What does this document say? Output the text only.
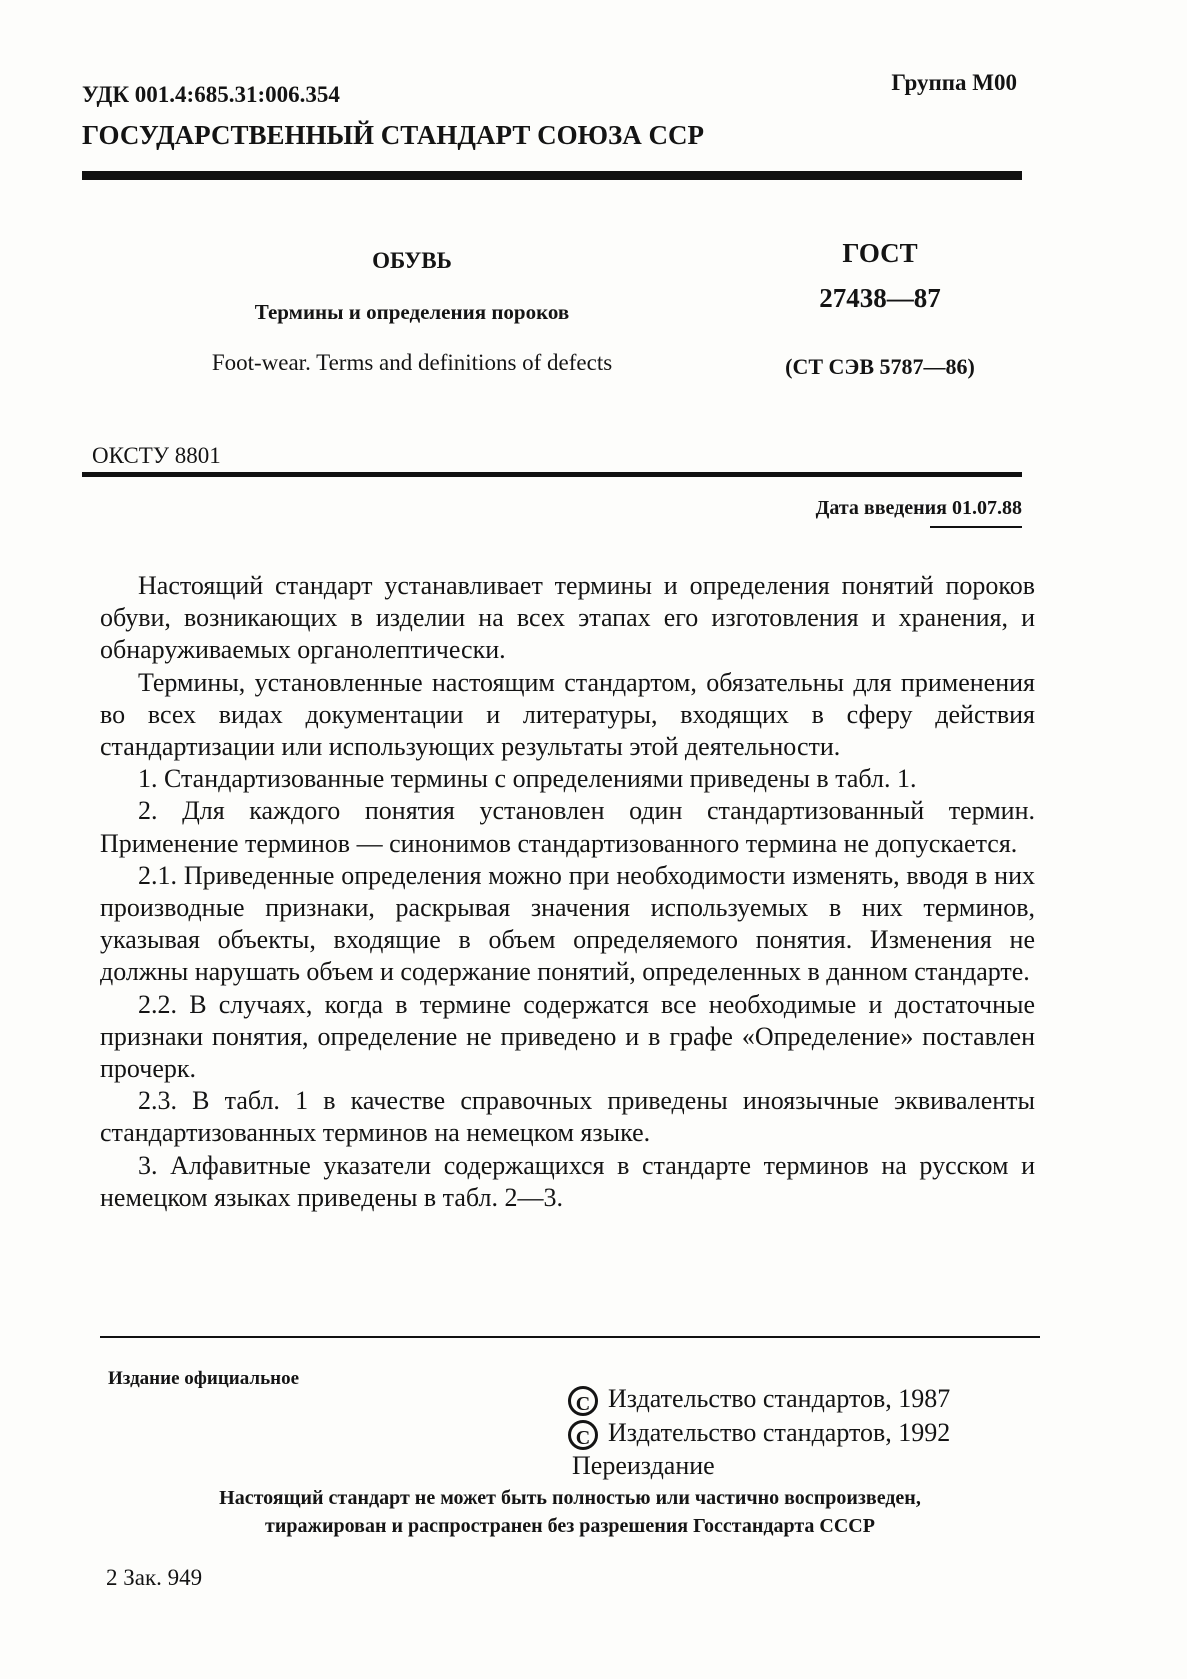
УДК 001.4:685.31:006.354	Группа М00
ГОСУДАРСТВЕННЫЙ СТАНДАРТ СОЮЗА ССР
ОБУВЬ
Термины и определения пороков
Foot-wear. Terms and definitions of defects
ГОСТ
27438—87
(СТ СЭВ 5787—86)
ОКСТУ 8801
Дата введения 01.07.88

Настоящий стандарт устанавливает термины и определения понятий пороков обуви, возникающих в изделии на всех этапах его изготовления и хранения, и обнаруживаемых органолептически.

Термины, установленные настоящим стандартом, обязательны для применения во всех видах документации и литературы, входящих в сферу действия стандартизации или использующих результаты этой деятельности.

1. Стандартизованные термины с определениями приведены в табл. 1.

2. Для каждого понятия установлен один стандартизованный термин. Применение терминов — синонимов стандартизованного термина не допускается.

2.1. Приведенные определения можно при необходимости изменять, вводя в них производные признаки, раскрывая значения используемых в них терминов, указывая объекты, входящие в объем определяемого понятия. Изменения не должны нарушать объем и содержание понятий, определенных в данном стандарте.

2.2. В случаях, когда в термине содержатся все необходимые и достаточные признаки понятия, определение не приведено и в графе «Определение» поставлен прочерк.

2.3. В табл. 1 в качестве справочных приведены иноязычные эквиваленты стандартизованных терминов на немецком языке.

3. Алфавитные указатели содержащихся в стандарте терминов на русском и немецком языках приведены в табл. 2—3.

Издание официальное
C Издательство стандартов, 1987
C Издательство стандартов, 1992
Переиздание
Настоящий стандарт не может быть полностью или частично воспроизведен,
тиражирован и распространен без разрешения Госстандарта СССР
2 Зак. 949
